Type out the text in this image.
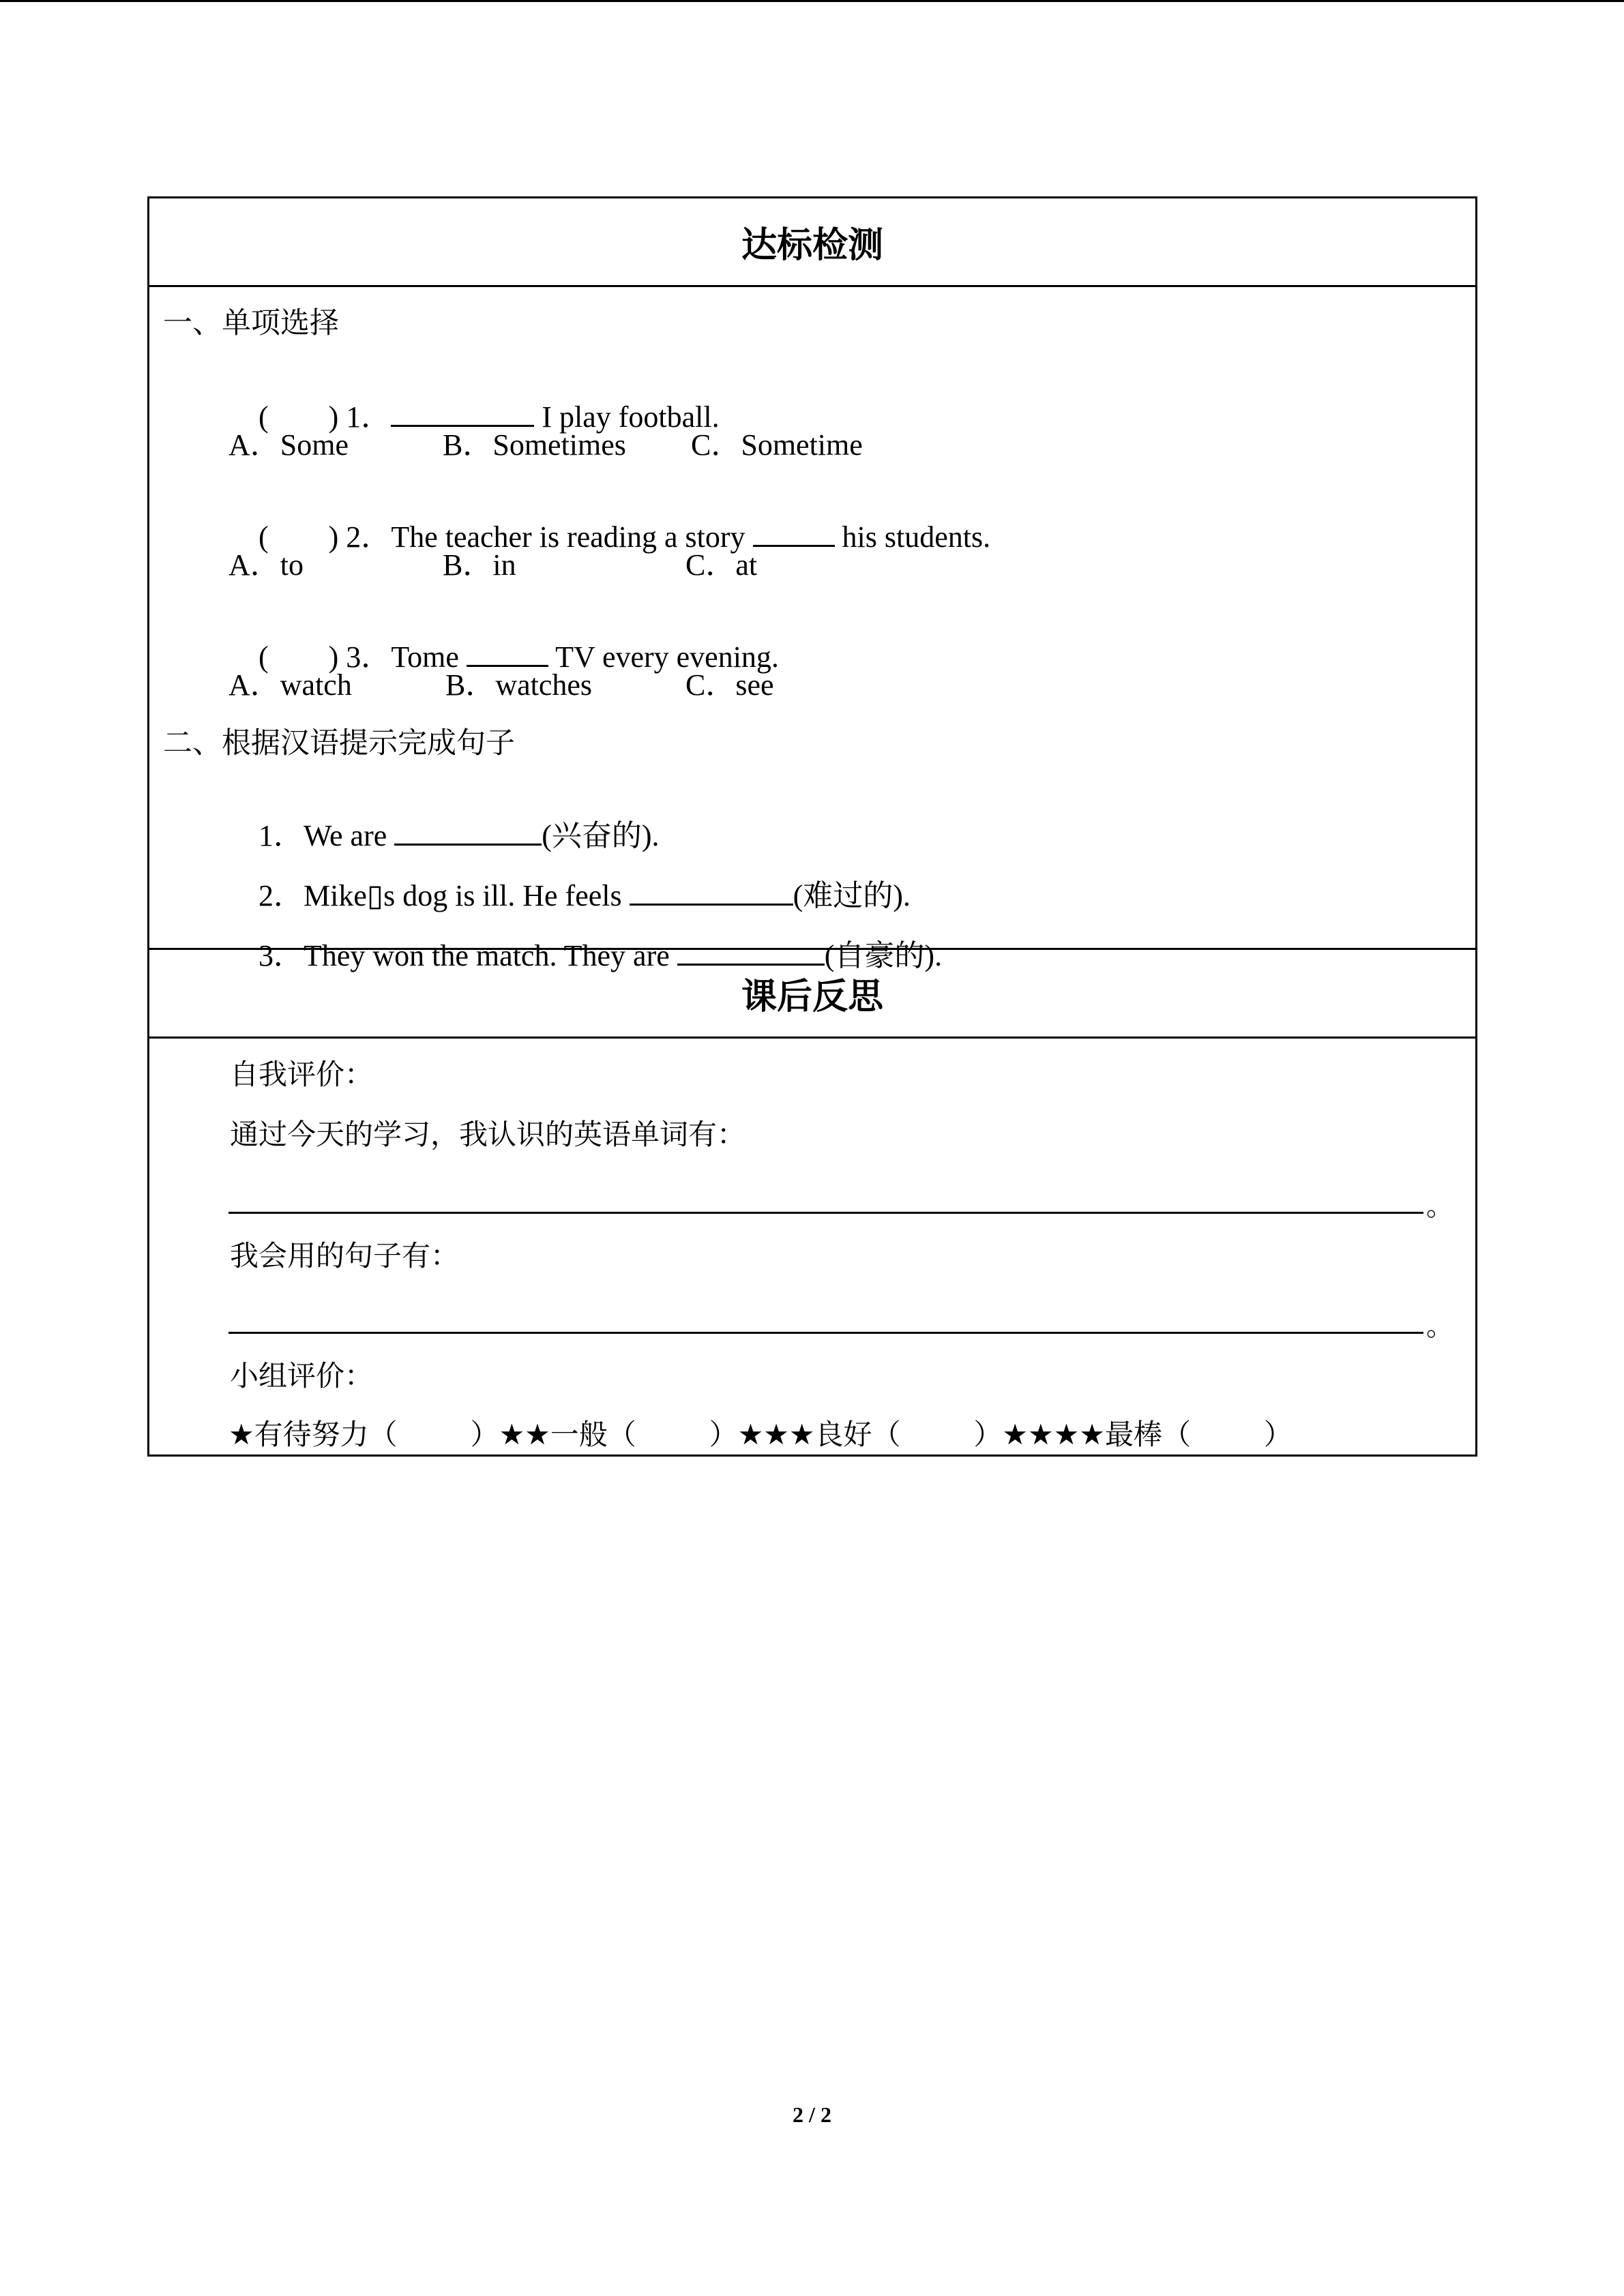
达标检测
一、单项选择

(        ) 1．	I play football.

A．Some	B．Sometimes C．Sometime

(        ) 2．The teacher is reading a story	his students.

A．to	B．in	C．at

(        ) 3．Tome	TV every evening.

A．watch	B．watches	C．see
二、根据汉语提示完成句子

1．We are	(兴奋的).

2．Mike▯s dog is ill. He feels	(难过的).

3．They won the match. They are	(自豪的).

课后反思
自我评价：
通过今天的学习，我认识的英语单词有：
。
我会用的句子有：
。
小组评价：
★有待努力（        ）★★一般（        ）★★★良好（        ）★★★★最棒（        ）
2 / 2
